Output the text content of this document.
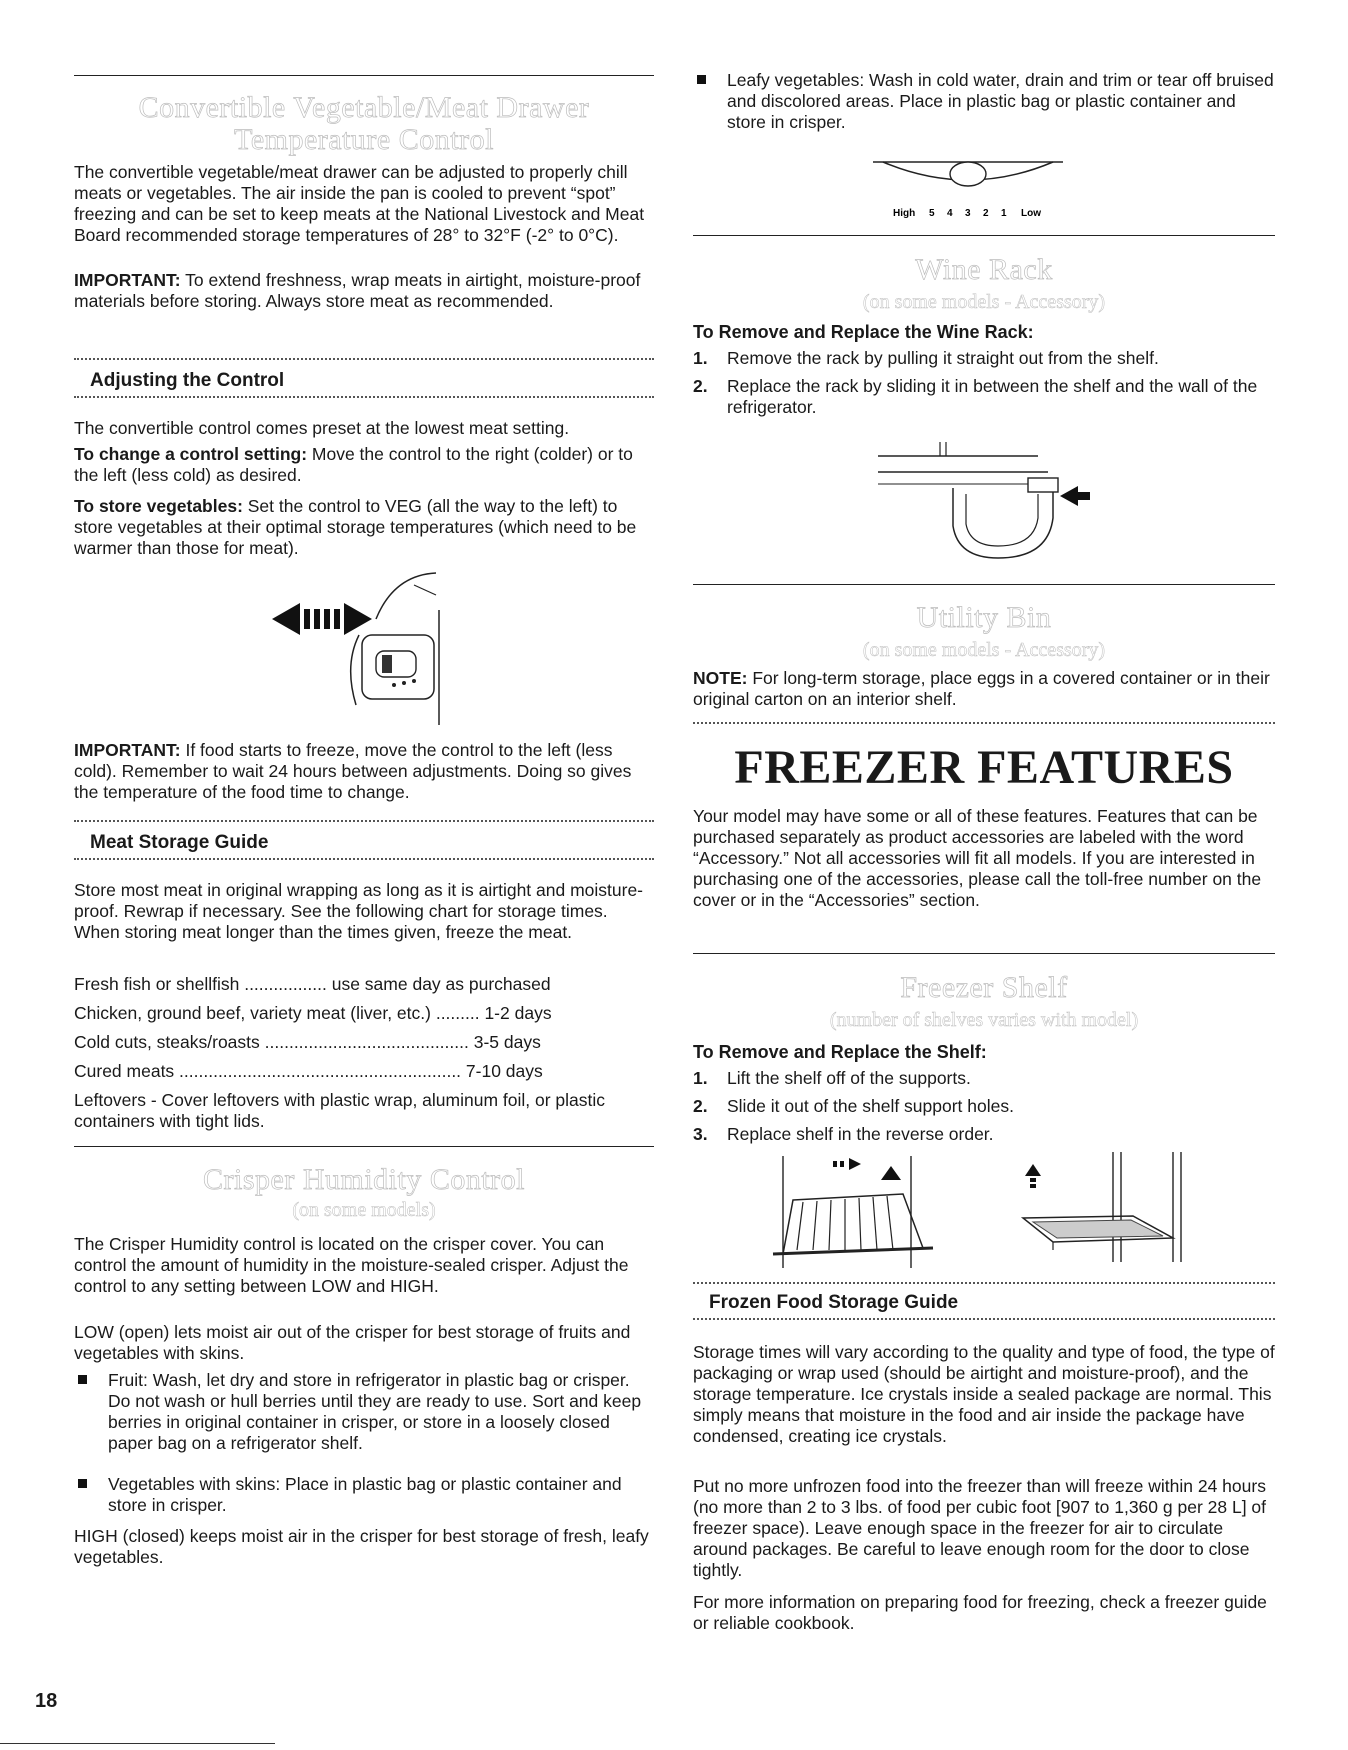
Convertible Vegetable/Meat Drawer
Temperature Control

The convertible vegetable/meat drawer can be adjusted to properly chill meats or vegetables. The air inside the pan is cooled to prevent “spot” freezing and can be set to keep meats at the National Livestock and Meat Board recommended storage temperatures of 28° to 32°F (-2° to 0°C).

IMPORTANT: To extend freshness, wrap meats in airtight, moisture-proof materials before storing. Always store meat as recommended.

Adjusting the Control

The convertible control comes preset at the lowest meat setting.

To change a control setting: Move the control to the right (colder) or to the left (less cold) as desired.

To store vegetables: Set the control to VEG (all the way to the left) to store vegetables at their optimal storage temperatures (which need to be warmer than those for meat).

IMPORTANT: If food starts to freeze, move the control to the left (less cold). Remember to wait 24 hours between adjustments. Doing so gives the temperature of the food time to change.

Meat Storage Guide

Store most meat in original wrapping as long as it is airtight and moisture-proof. Rewrap if necessary. See the following chart for storage times. When storing meat longer than the times given, freeze the meat.

Fresh fish or shellfish ................. use same day as purchased
Chicken, ground beef, variety meat (liver, etc.) ......... 1-2 days
Cold cuts, steaks/roasts .......................................... 3-5 days
Cured meats .......................................................... 7-10 days

Leftovers - Cover leftovers with plastic wrap, aluminum foil, or plastic containers with tight lids.

Crisper Humidity Control
(on some models)

The Crisper Humidity control is located on the crisper cover. You can control the amount of humidity in the moisture-sealed crisper. Adjust the control to any setting between LOW and HIGH.

LOW (open) lets moist air out of the crisper for best storage of fruits and vegetables with skins.

Fruit: Wash, let dry and store in refrigerator in plastic bag or crisper. Do not wash or hull berries until they are ready to use. Sort and keep berries in original container in crisper, or store in a loosely closed paper bag on a refrigerator shelf.
Vegetables with skins: Place in plastic bag or plastic container and store in crisper.

HIGH (closed) keeps moist air in the crisper for best storage of fresh, leafy vegetables.

Leafy vegetables: Wash in cold water, drain and trim or tear off bruised and discolored areas. Place in plastic bag or plastic container and store in crisper.
High 5 4 3 2 1 Low
Wine Rack
(on some models - Accessory)
To Remove and Replace the Wine Rack:
1. Remove the rack by pulling it straight out from the shelf.
2. Replace the rack by sliding it in between the shelf and the wall of the refrigerator.
Utility Bin
(on some models - Accessory)

NOTE: For long-term storage, place eggs in a covered container or in their original carton on an interior shelf.

FREEZER FEATURES

Your model may have some or all of these features. Features that can be purchased separately as product accessories are labeled with the word “Accessory.” Not all accessories will fit all models. If you are interested in purchasing one of the accessories, please call the toll-free number on the cover or in the “Accessories” section.

Freezer Shelf
(number of shelves varies with model)
To Remove and Replace the Shelf:
1. Lift the shelf off of the supports.
2. Slide it out of the shelf support holes.
3. Replace shelf in the reverse order.
Frozen Food Storage Guide

Storage times will vary according to the quality and type of food, the type of packaging or wrap used (should be airtight and moisture-proof), and the storage temperature. Ice crystals inside a sealed package are normal. This simply means that moisture in the food and air inside the package have condensed, creating ice crystals.

Put no more unfrozen food into the freezer than will freeze within 24 hours (no more than 2 to 3 lbs. of food per cubic foot [907 to 1,360 g per 28 L] of freezer space). Leave enough space in the freezer for air to circulate around packages. Be careful to leave enough room for the door to close tightly.

For more information on preparing food for freezing, check a freezer guide or reliable cookbook.

18
